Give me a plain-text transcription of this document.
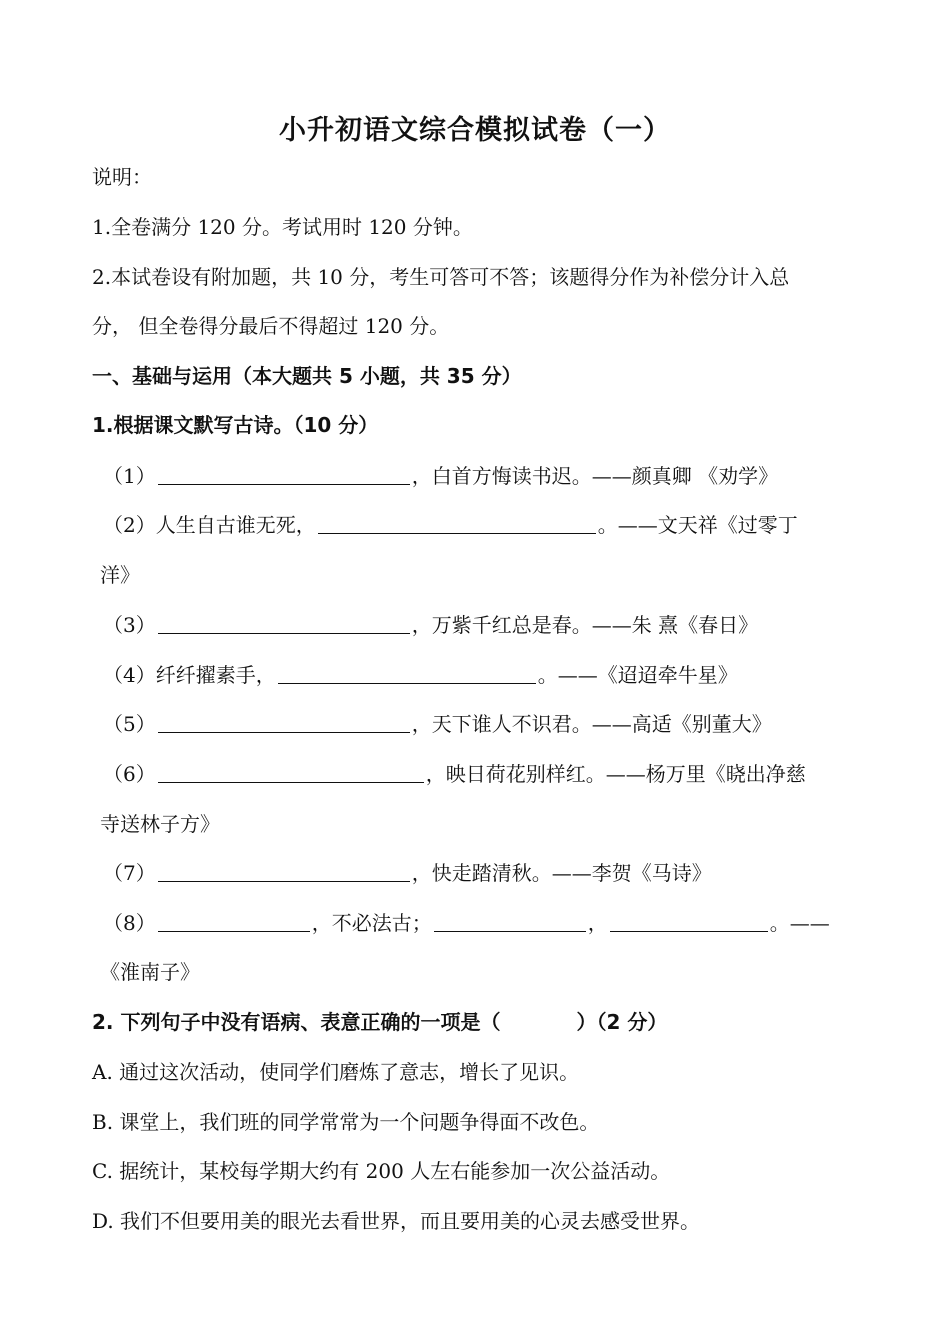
小升初语文综合模拟试卷（一）
说明：
1.全卷满分 120 分。考试用时 120 分钟。
2.本试卷设有附加题，共 10 分，考生可答可不答；该题得分作为补偿分计入总
分， 但全卷得分最后不得超过 120 分。
一、基础与运用（本大题共 5 小题，共 35 分）
1.根据课文默写古诗。（10 分）
（1）	，白首方悔读书迟。——颜真卿 《劝学》
（2）人生自古谁无死，	。——文天祥《过零丁
洋》
（3）	，万紫千红总是春。——朱 熹《春日》
（4）纤纤擢素手，	。——《迢迢牵牛星》
（5）	，天下谁人不识君。——高适《别董大》
（6）	，映日荷花别样红。——杨万里《晓出净慈
寺送林子方》
（7）	，快走踏清秋。——李贺《马诗》
（8）	，不必法古；	，	。——
《淮南子》
2. 下列句子中没有语病、表意正确的一项是（	）（2 分）
A. 通过这次活动，使同学们磨炼了意志，增长了见识。
B. 课堂上，我们班的同学常常为一个问题争得面不改色。
C. 据统计，某校每学期大约有 200 人左右能参加一次公益活动。
D. 我们不但要用美的眼光去看世界，而且要用美的心灵去感受世界。
